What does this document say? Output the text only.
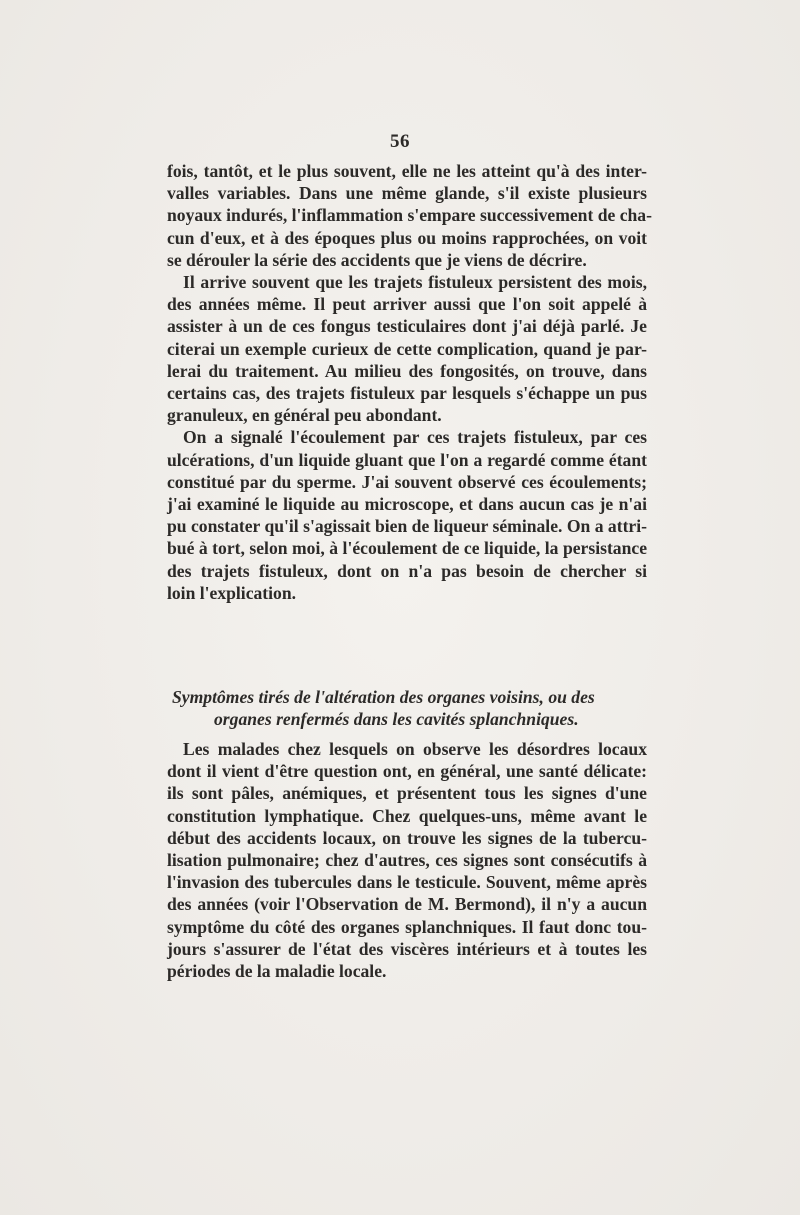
56
fois, tantôt, et le plus souvent, elle ne les atteint qu'à des inter-
valles variables. Dans une même glande, s'il existe plusieurs
noyaux indurés, l'inflammation s'empare successivement de cha-
cun d'eux, et à des époques plus ou moins rapprochées, on voit
se dérouler la série des accidents que je viens de décrire.
Il arrive souvent que les trajets fistuleux persistent des mois,
des années même. Il peut arriver aussi que l'on soit appelé à
assister à un de ces fongus testiculaires dont j'ai déjà parlé. Je
citerai un exemple curieux de cette complication, quand je par-
lerai du traitement. Au milieu des fongosités, on trouve, dans
certains cas, des trajets fistuleux par lesquels s'échappe un pus
granuleux, en général peu abondant.
On a signalé l'écoulement par ces trajets fistuleux, par ces
ulcérations, d'un liquide gluant que l'on a regardé comme étant
constitué par du sperme. J'ai souvent observé ces écoulements;
j'ai examiné le liquide au microscope, et dans aucun cas je n'ai
pu constater qu'il s'agissait bien de liqueur séminale. On a attri-
bué à tort, selon moi, à l'écoulement de ce liquide, la persistance
des trajets fistuleux, dont on n'a pas besoin de chercher si
loin l'explication.
Symptômes tirés de l'altération des organes voisins, ou des
organes renfermés dans les cavités splanchniques.
Les malades chez lesquels on observe les désordres locaux
dont il vient d'être question ont, en général, une santé délicate:
ils sont pâles, anémiques, et présentent tous les signes d'une
constitution lymphatique. Chez quelques-uns, même avant le
début des accidents locaux, on trouve les signes de la tubercu-
lisation pulmonaire; chez d'autres, ces signes sont consécutifs à
l'invasion des tubercules dans le testicule. Souvent, même après
des années (voir l'Observation de M. Bermond), il n'y a aucun
symptôme du côté des organes splanchniques. Il faut donc tou-
jours s'assurer de l'état des viscères intérieurs et à toutes les
périodes de la maladie locale.
